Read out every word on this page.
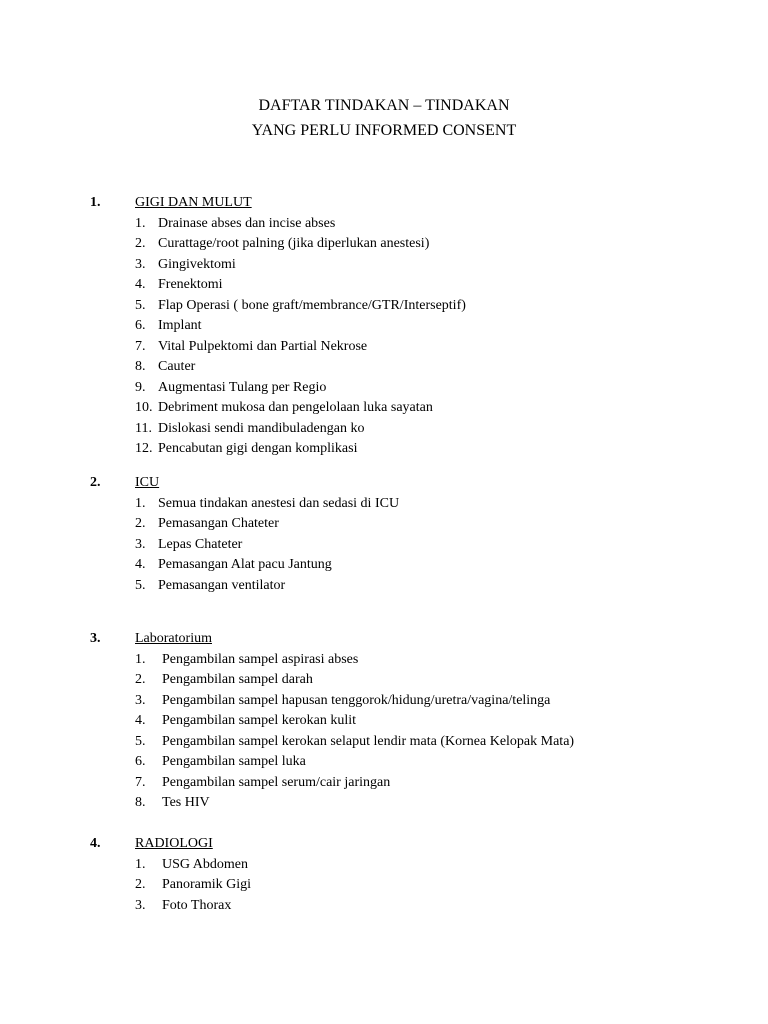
DAFTAR TINDAKAN – TINDAKAN
YANG PERLU INFORMED CONSENT
1. GIGI DAN MULUT
1. Drainase abses dan incise abses
2. Curattage/root palning (jika diperlukan anestesi)
3. Gingivektomi
4. Frenektomi
5. Flap Operasi ( bone graft/membrance/GTR/Interseptif)
6. Implant
7. Vital Pulpektomi dan Partial Nekrose
8. Cauter
9. Augmentasi Tulang per Regio
10. Debriment mukosa dan pengelolaan luka sayatan
11. Dislokasi sendi mandibuladengan ko
12. Pencabutan gigi dengan komplikasi
2. ICU
1. Semua tindakan anestesi dan sedasi di ICU
2. Pemasangan Chateter
3. Lepas Chateter
4. Pemasangan Alat pacu Jantung
5. Pemasangan ventilator
3. Laboratorium
1. Pengambilan sampel aspirasi abses
2. Pengambilan sampel darah
3. Pengambilan sampel hapusan tenggorok/hidung/uretra/vagina/telinga
4. Pengambilan sampel kerokan kulit
5. Pengambilan sampel kerokan selaput lendir mata (Kornea Kelopak Mata)
6. Pengambilan sampel luka
7. Pengambilan sampel serum/cair jaringan
8. Tes HIV
4. RADIOLOGI
1. USG Abdomen
2. Panoramik Gigi
3. Foto Thorax
